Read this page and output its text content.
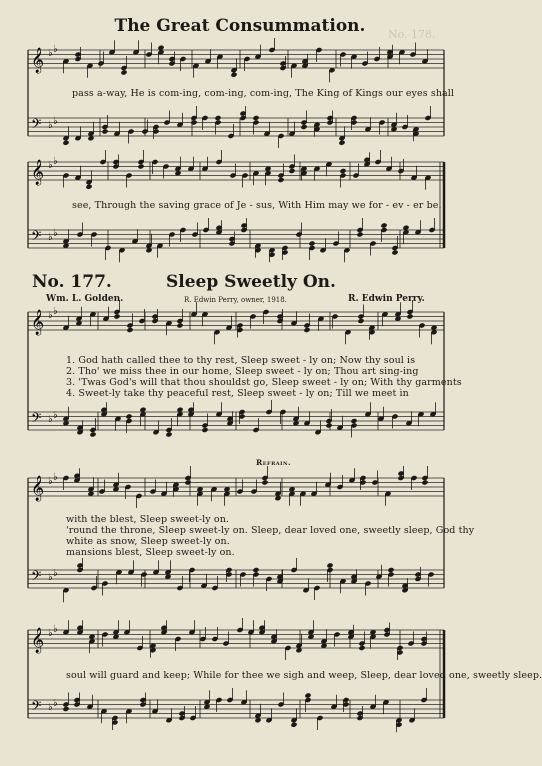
𝄞
𝄢
♭ ♭
♭ ♭
𝄞
𝄢
♭ ♭
♭ ♭
𝄞
𝄢
♭ ♭
♭ ♭
𝄞
𝄢
♭ ♭
♭ ♭
𝄞
𝄢
♭ ♭
♭ ♭
No. 178.
The Great Consummation.
pass a-way, He is com-ing, com-ing, com-ing, The King of Kings our eyes shall
see, Through the saving grace of Je - sus, With Him may we for - ev - er be.
No. 177.	Sleep Sweetly On.
Wm. L. Golden.	R. Edwin Perry, owner, 1918.	R. Edwin Perry.
1. God hath called thee to thy rest, Sleep sweet - ly on; Now thy soul is
2. Tho' we miss thee in our home, Sleep sweet - ly on; Thou art sing-ing
3. 'Twas God's will that thou shouldst go, Sleep sweet - ly on; With thy garments
4. Sweet-ly take thy peaceful rest, Sleep sweet - ly on; Till we meet in
Refrain.
with the blest, Sleep sweet-ly on.
'round the throne, Sleep sweet-ly on. Sleep, dear loved one, sweetly sleep, God thy
white as snow, Sleep sweet-ly on.
mansions blest, Sleep sweet-ly on.
soul will guard and keep; While for thee we sigh and weep, Sleep, dear loved one, sweetly sleep.
